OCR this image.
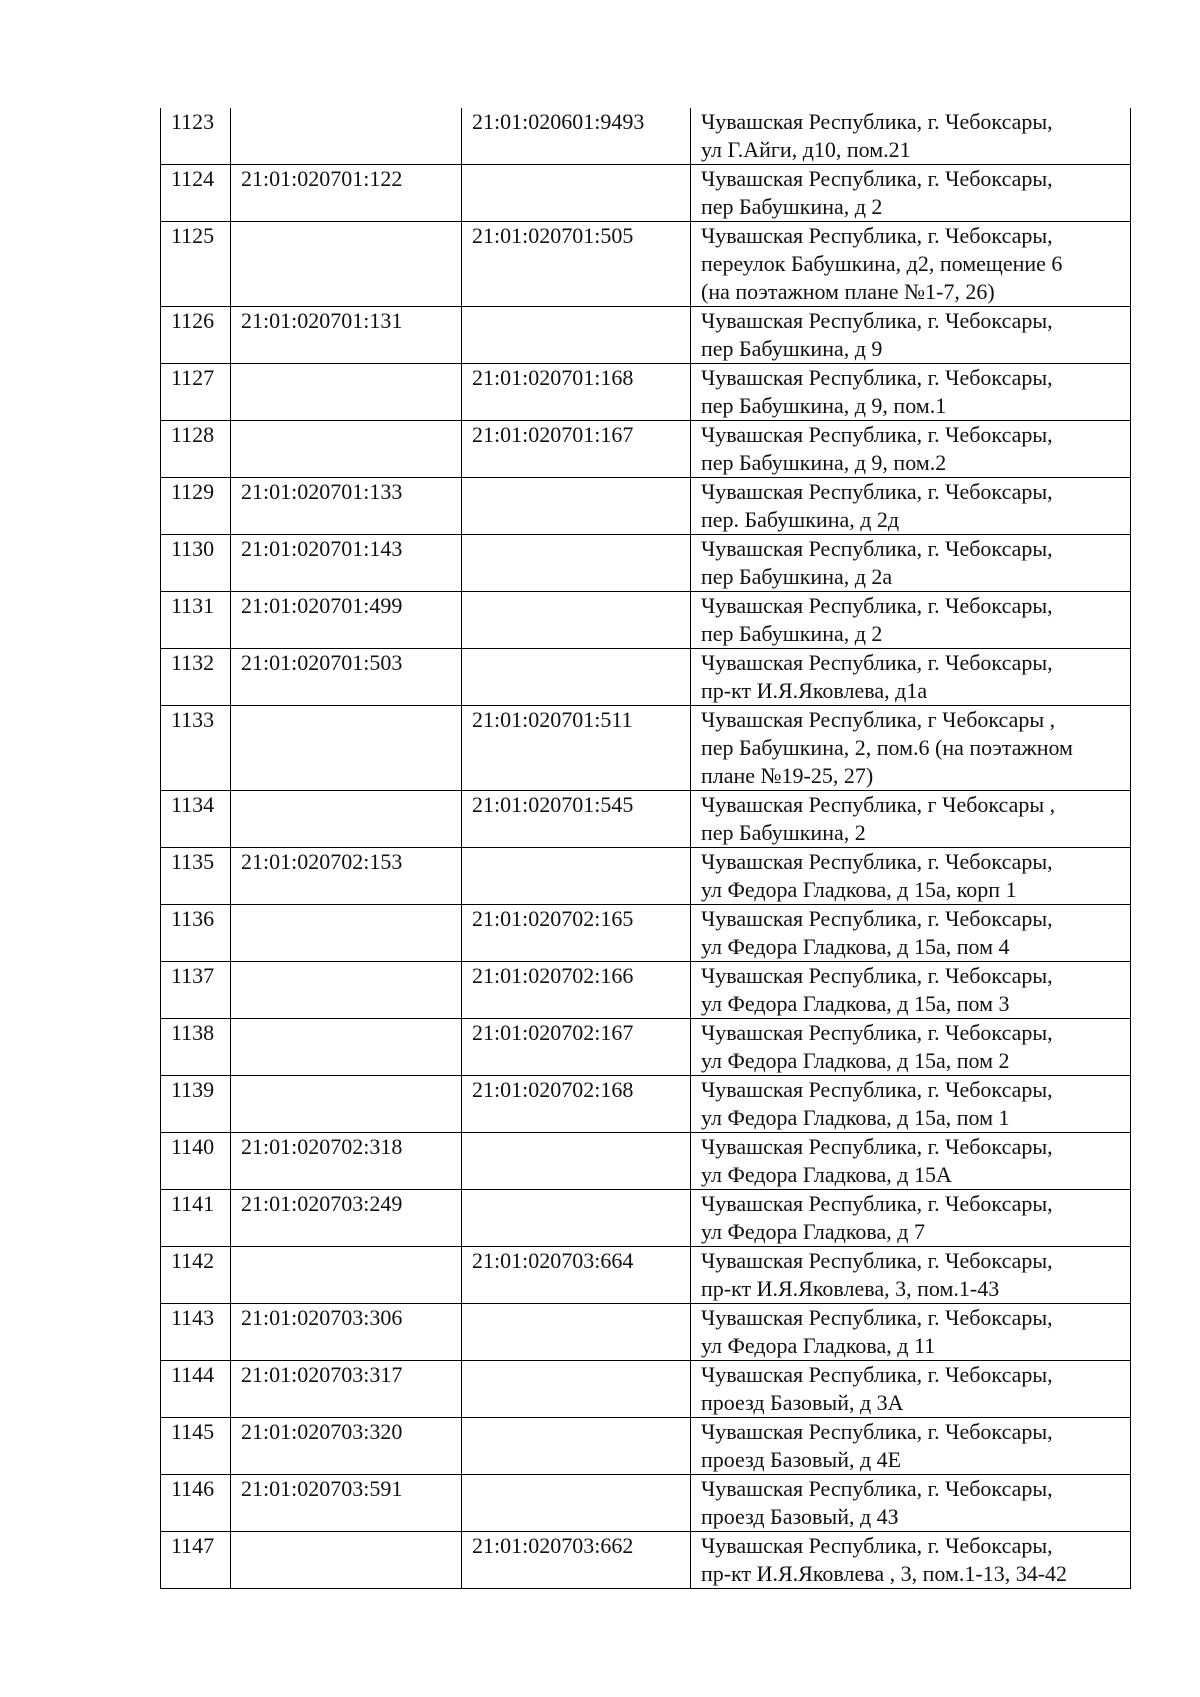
1123		21:01:020601:9493	Чувашская Республика, г. Чебоксары,
ул Г.Айги, д10, пом.21

1124	21:01:020701:122		Чувашская Республика, г. Чебоксары,
пер Бабушкина, д 2

1125		21:01:020701:505	Чувашская Республика, г. Чебоксары,
переулок Бабушкина, д2, помещение 6
(на поэтажном плане №1-7, 26)

1126	21:01:020701:131		Чувашская Республика, г. Чебоксары,
пер Бабушкина, д 9

1127		21:01:020701:168	Чувашская Республика, г. Чебоксары,
пер Бабушкина, д 9, пом.1

1128		21:01:020701:167	Чувашская Республика, г. Чебоксары,
пер Бабушкина, д 9, пом.2

1129	21:01:020701:133		Чувашская Республика, г. Чебоксары,
пер. Бабушкина, д 2д

1130	21:01:020701:143		Чувашская Республика, г. Чебоксары,
пер Бабушкина, д 2а

1131	21:01:020701:499		Чувашская Республика, г. Чебоксары,
пер Бабушкина, д 2

1132	21:01:020701:503		Чувашская Республика, г. Чебоксары,
пр-кт И.Я.Яковлева, д1а

1133		21:01:020701:511	Чувашская Республика, г Чебоксары ,
пер Бабушкина, 2, пом.6 (на поэтажном
плане №19-25, 27)

1134		21:01:020701:545	Чувашская Республика, г Чебоксары ,
пер Бабушкина, 2

1135	21:01:020702:153		Чувашская Республика, г. Чебоксары,
ул Федора Гладкова, д 15а, корп 1

1136		21:01:020702:165	Чувашская Республика, г. Чебоксары,
ул Федора Гладкова, д 15а, пом 4

1137		21:01:020702:166	Чувашская Республика, г. Чебоксары,
ул Федора Гладкова, д 15а, пом 3

1138		21:01:020702:167	Чувашская Республика, г. Чебоксары,
ул Федора Гладкова, д 15а, пом 2

1139		21:01:020702:168	Чувашская Республика, г. Чебоксары,
ул Федора Гладкова, д 15а, пом 1

1140	21:01:020702:318		Чувашская Республика, г. Чебоксары,
ул Федора Гладкова, д 15А

1141	21:01:020703:249		Чувашская Республика, г. Чебоксары,
ул Федора Гладкова, д 7

1142		21:01:020703:664	Чувашская Республика, г. Чебоксары,
пр-кт И.Я.Яковлева, 3, пом.1-43

1143	21:01:020703:306		Чувашская Республика, г. Чебоксары,
ул Федора Гладкова, д 11

1144	21:01:020703:317		Чувашская Республика, г. Чебоксары,
проезд Базовый, д 3А

1145	21:01:020703:320		Чувашская Республика, г. Чебоксары,
проезд Базовый, д 4Е

1146	21:01:020703:591		Чувашская Республика, г. Чебоксары,
проезд Базовый, д 4З

1147		21:01:020703:662	Чувашская Республика, г. Чебоксары,
пр-кт И.Я.Яковлева , 3, пом.1-13, 34-42
